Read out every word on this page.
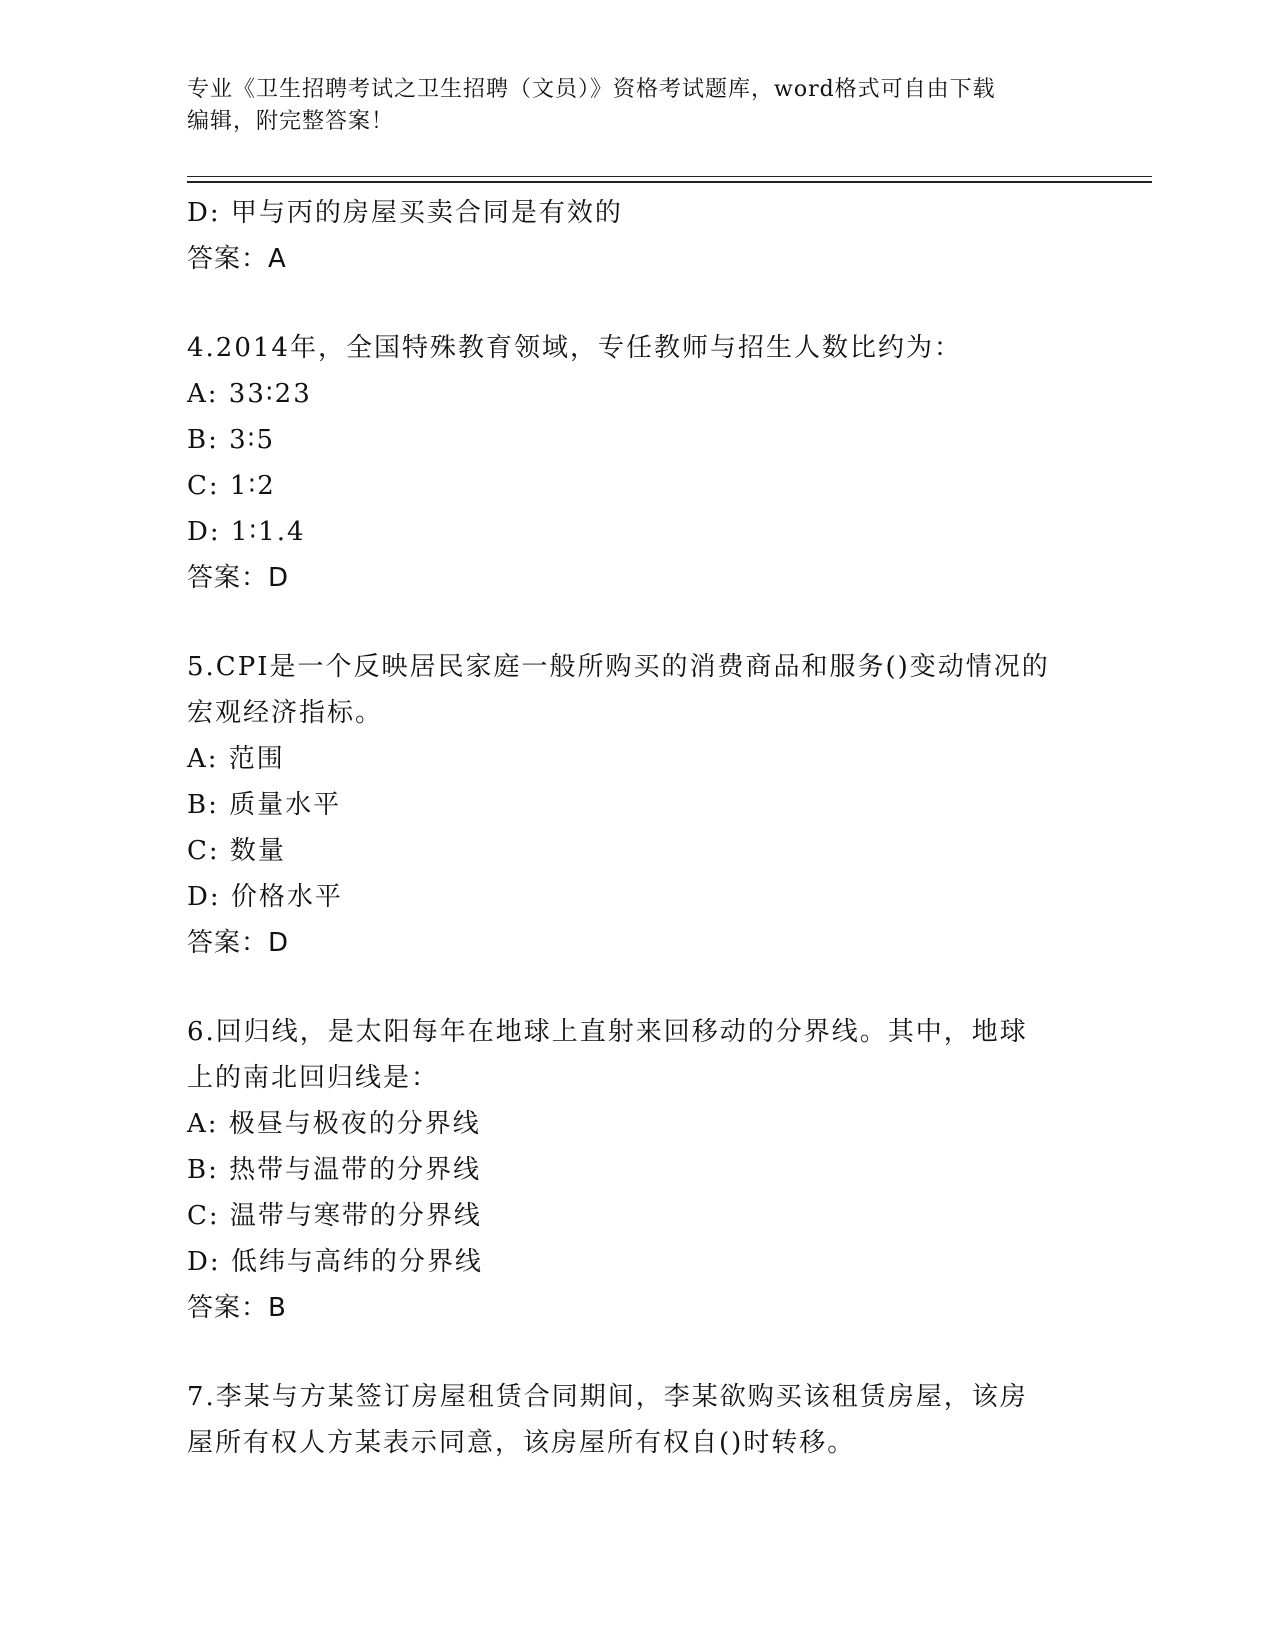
专业《卫生招聘考试之卫生招聘（文员）》资格考试题库，word格式可自由下载
编辑，附完整答案！
D: 甲与丙的房屋买卖合同是有效的
答案：A
4.2014年，全国特殊教育领域，专任教师与招生人数比约为：
A: 33∶23
B: 3∶5
C: 1∶2
D: 1∶1.4
答案：D
5.CPI是一个反映居民家庭一般所购买的消费商品和服务()变动情况的
宏观经济指标。
A: 范围
B: 质量水平
C: 数量
D: 价格水平
答案：D
6.回归线，是太阳每年在地球上直射来回移动的分界线。其中，地球
上的南北回归线是：
A: 极昼与极夜的分界线
B: 热带与温带的分界线
C: 温带与寒带的分界线
D: 低纬与高纬的分界线
答案：B
7.李某与方某签订房屋租赁合同期间，李某欲购买该租赁房屋，该房
屋所有权人方某表示同意，该房屋所有权自()时转移。
